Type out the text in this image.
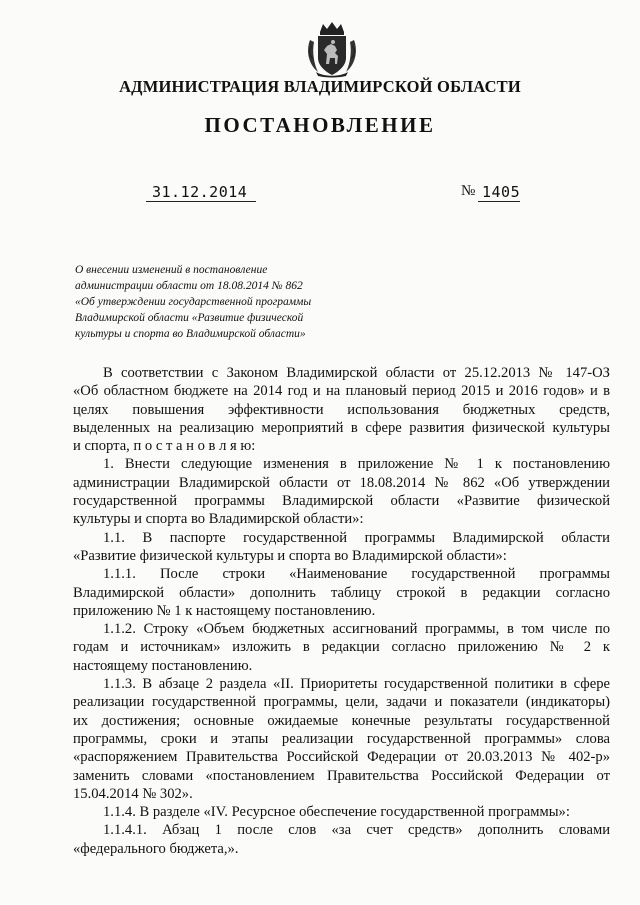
АДМИНИСТРАЦИЯ ВЛАДИМИРСКОЙ ОБЛАСТИ
ПОСТАНОВЛЕНИЕ
31.12.2014	№ 1405
О внесении изменений в постановление
администрации области от 18.08.2014 № 862
«Об утверждении государственной программы
Владимирской области «Развитие физической
культуры и спорта во Владимирской области»
В соответствии с Законом Владимирской области от 25.12.2013 № 147-ОЗ
«Об областном бюджете на 2014 год и на плановый период 2015 и 2016 годов» и в
целях повышения эффективности использования бюджетных средств,
выделенных на реализацию мероприятий в сфере развития физической культуры
и спорта, п о с т а н о в л я ю:
1. Внести следующие изменения в приложение № 1 к постановлению
администрации Владимирской области от 18.08.2014 № 862 «Об утверждении
государственной программы Владимирской области «Развитие физической
культуры и спорта во Владимирской области»:
1.1. В паспорте государственной программы Владимирской области
«Развитие физической культуры и спорта во Владимирской области»:
1.1.1. После строки «Наименование государственной программы
Владимирской области» дополнить таблицу строкой в редакции согласно
приложению № 1 к настоящему постановлению.
1.1.2. Строку «Объем бюджетных ассигнований программы, в том числе по
годам и источникам» изложить в редакции согласно приложению № 2 к
настоящему постановлению.
1.1.3. В абзаце 2 раздела «II. Приоритеты государственной политики в сфере
реализации государственной программы, цели, задачи и показатели (индикаторы)
их достижения; основные ожидаемые конечные результаты государственной
программы, сроки и этапы реализации государственной программы» слова
«распоряжением Правительства Российской Федерации от 20.03.2013 № 402-р»
заменить словами «постановлением Правительства Российской Федерации от
15.04.2014 № 302».
1.1.4. В разделе «IV. Ресурсное обеспечение государственной программы»:
1.1.4.1. Абзац 1 после слов «за счет средств» дополнить словами
«федерального бюджета,».
